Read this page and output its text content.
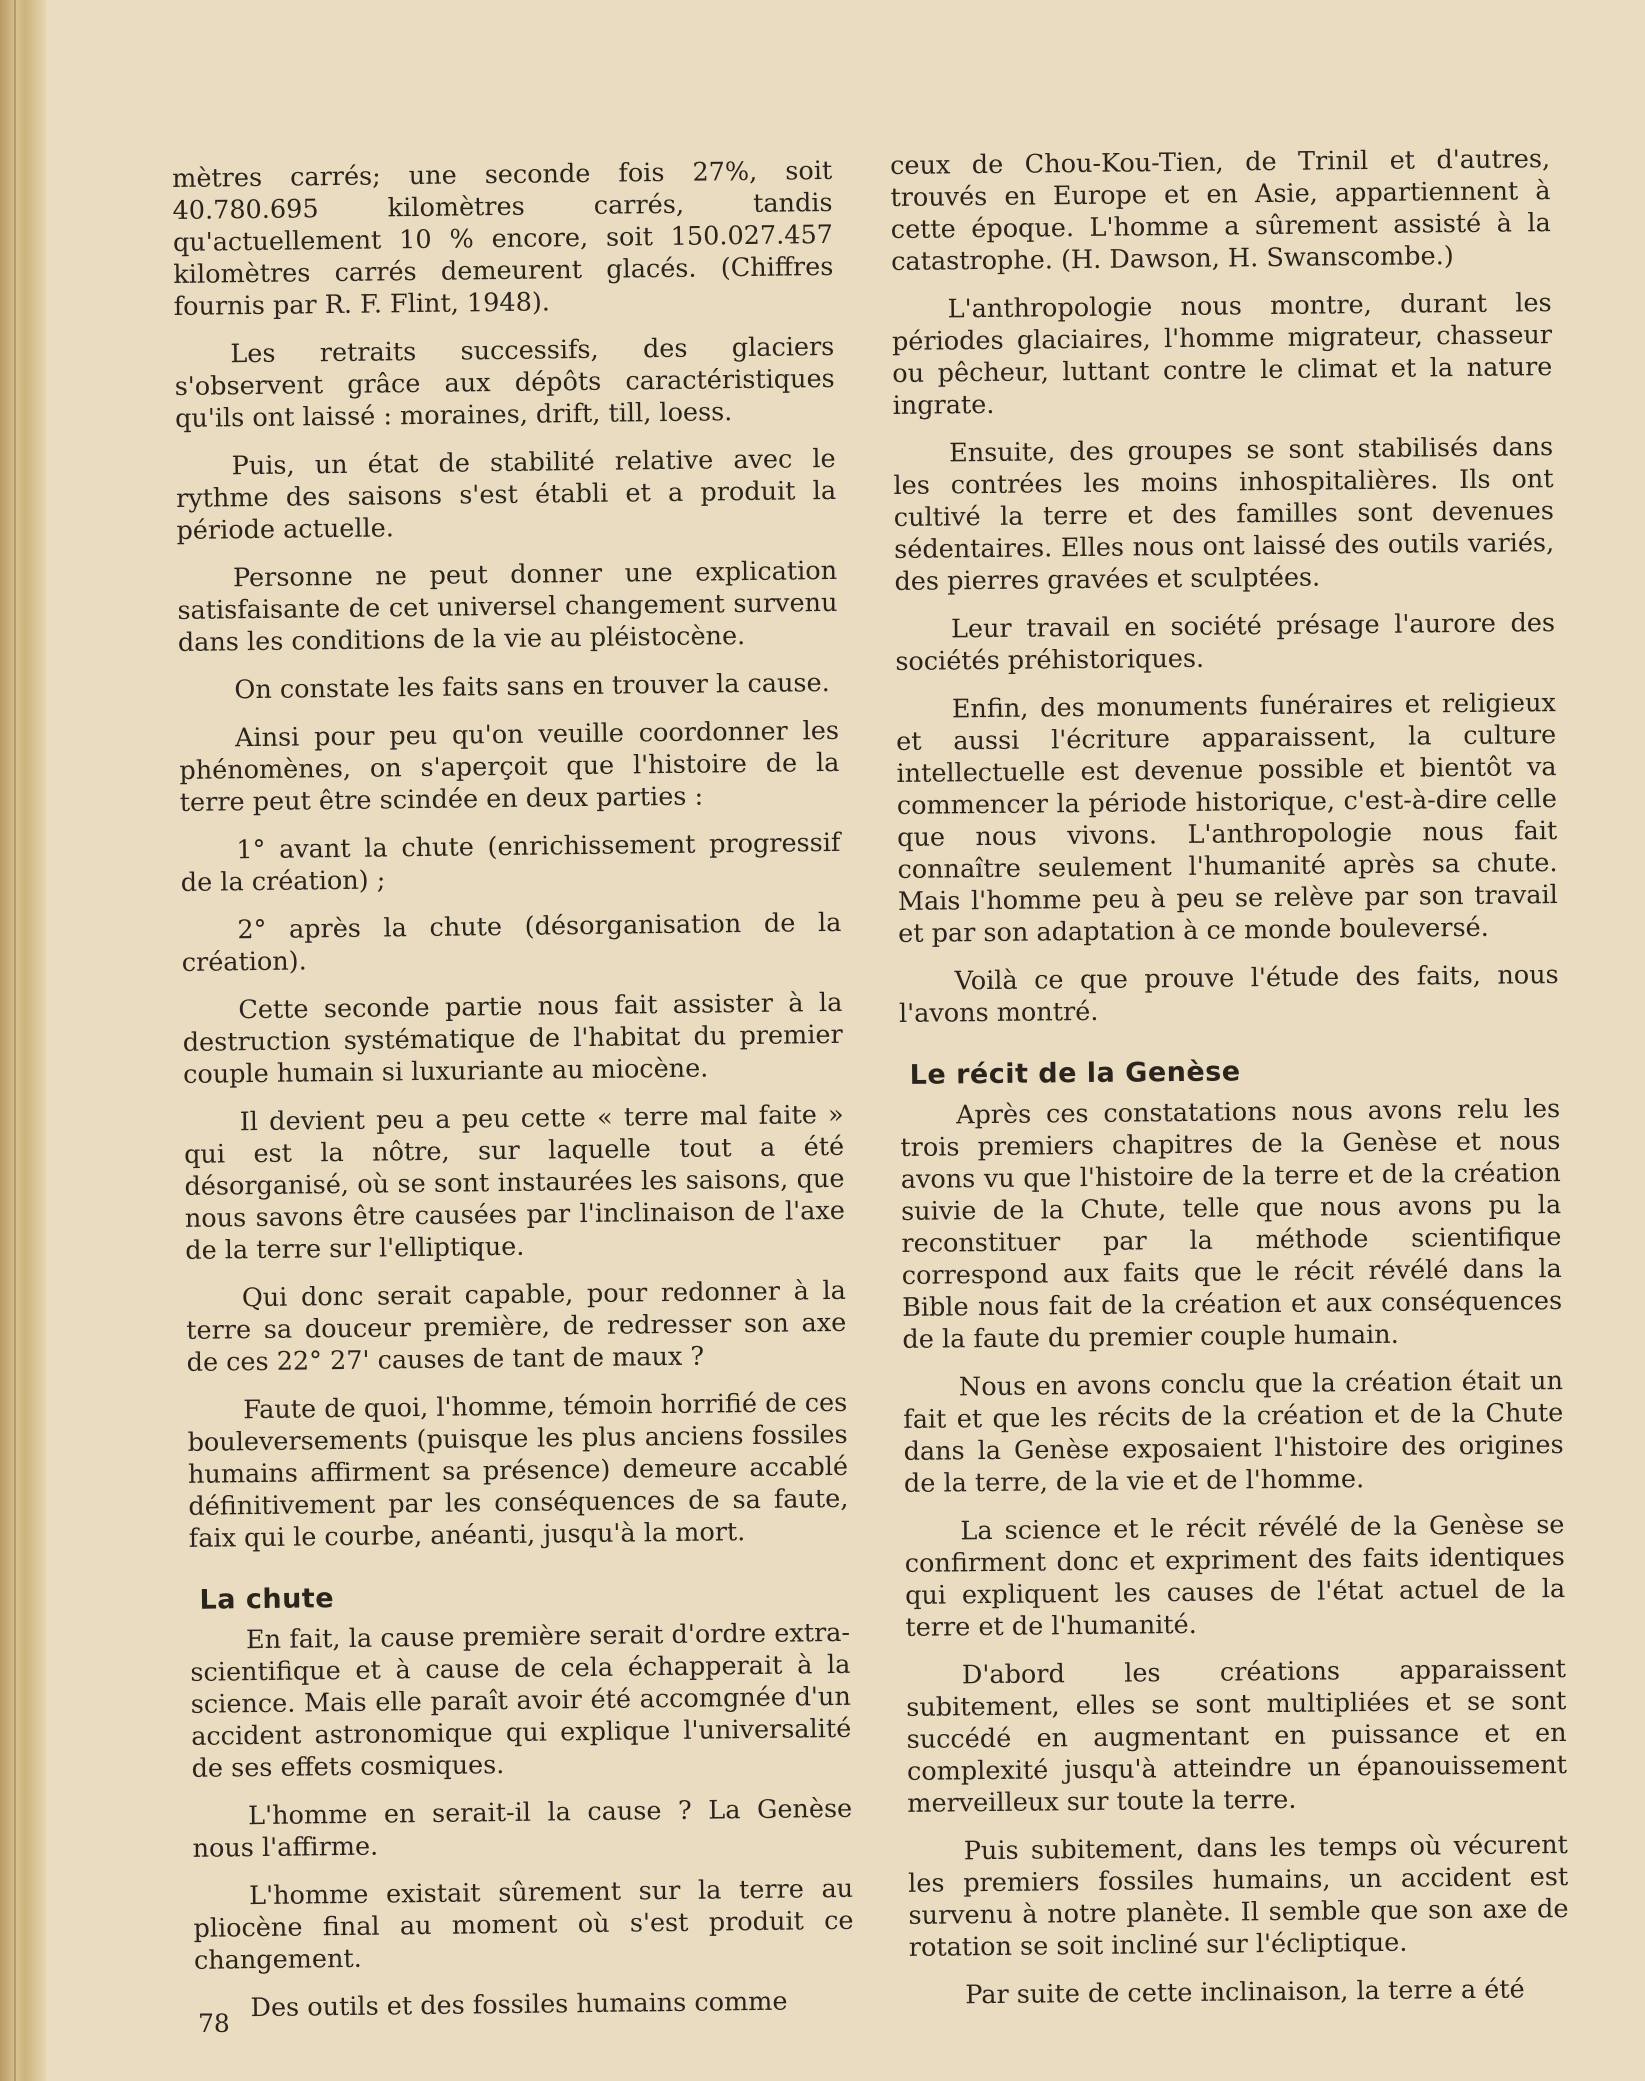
mètres carrés; une seconde fois 27%, soit 40.780.695 kilomètres carrés, tandis qu'actuellement 10 % encore, soit 150.027.457 kilomètres carrés demeurent glacés. (Chiffres fournis par R. F. Flint, 1948).

Les retraits successifs, des glaciers s'observent grâce aux dépôts caractéristiques qu'ils ont laissé : moraines, drift, till, loess.

Puis, un état de stabilité relative avec le rythme des saisons s'est établi et a produit la période actuelle.

Personne ne peut donner une explication satisfaisante de cet universel changement survenu dans les conditions de la vie au pléistocène.

On constate les faits sans en trouver la cause.

Ainsi pour peu qu'on veuille coordonner les phénomènes, on s'aperçoit que l'histoire de la terre peut être scindée en deux parties :

1° avant la chute (enrichissement progressif de la création) ;

2° après la chute (désorganisation de la création).

Cette seconde partie nous fait assister à la destruction systématique de l'habitat du premier couple humain si luxuriante au miocène.

Il devient peu a peu cette « terre mal faite » qui est la nôtre, sur laquelle tout a été désorganisé, où se sont instaurées les saisons, que nous savons être causées par l'inclinaison de l'axe de la terre sur l'elliptique.

Qui donc serait capable, pour redonner à la terre sa douceur première, de redresser son axe de ces 22° 27' causes de tant de maux ?

Faute de quoi, l'homme, témoin horrifié de ces bouleversements (puisque les plus anciens fossiles humains affirment sa présence) demeure accablé définitivement par les conséquences de sa faute, faix qui le courbe, anéanti, jusqu'à la mort.

La chute

En fait, la cause première serait d'ordre extra-scientifique et à cause de cela échapperait à la science. Mais elle paraît avoir été accomgnée d'un accident astronomique qui explique l'universalité de ses effets cosmiques.

L'homme en serait-il la cause ? La Genèse nous l'affirme.

L'homme existait sûrement sur la terre au pliocène final au moment où s'est produit ce changement.

Des outils et des fossiles humains comme

ceux de Chou-Kou-Tien, de Trinil et d'autres, trouvés en Europe et en Asie, appartiennent à cette époque. L'homme a sûrement assisté à la catastrophe. (H. Dawson, H. Swanscombe.)

L'anthropologie nous montre, durant les périodes glaciaires, l'homme migrateur, chasseur ou pêcheur, luttant contre le climat et la nature ingrate.

Ensuite, des groupes se sont stabilisés dans les contrées les moins inhospitalières. Ils ont cultivé la terre et des familles sont devenues sédentaires. Elles nous ont laissé des outils variés, des pierres gravées et sculptées.

Leur travail en société présage l'aurore des sociétés préhistoriques.

Enfin, des monuments funéraires et religieux et aussi l'écriture apparaissent, la culture intellectuelle est devenue possible et bientôt va commencer la période historique, c'est-à-dire celle que nous vivons. L'anthropologie nous fait connaître seulement l'humanité après sa chute. Mais l'homme peu à peu se relève par son travail et par son adaptation à ce monde bouleversé.

Voilà ce que prouve l'étude des faits, nous l'avons montré.

Le récit de la Genèse

Après ces constatations nous avons relu les trois premiers chapitres de la Genèse et nous avons vu que l'histoire de la terre et de la création suivie de la Chute, telle que nous avons pu la reconstituer par la méthode scientifique correspond aux faits que le récit révélé dans la Bible nous fait de la création et aux conséquences de la faute du premier couple humain.

Nous en avons conclu que la création était un fait et que les récits de la création et de la Chute dans la Genèse exposaient l'histoire des origines de la terre, de la vie et de l'homme.

La science et le récit révélé de la Genèse se confirment donc et expriment des faits identiques qui expliquent les causes de l'état actuel de la terre et de l'humanité.

D'abord les créations apparaissent subitement, elles se sont multipliées et se sont succédé en augmentant en puissance et en complexité jusqu'à atteindre un épanouissement merveilleux sur toute la terre.

Puis subitement, dans les temps où vécurent les premiers fossiles humains, un accident est survenu à notre planète. Il semble que son axe de rotation se soit incliné sur l'écliptique.

Par suite de cette inclinaison, la terre a été

78
